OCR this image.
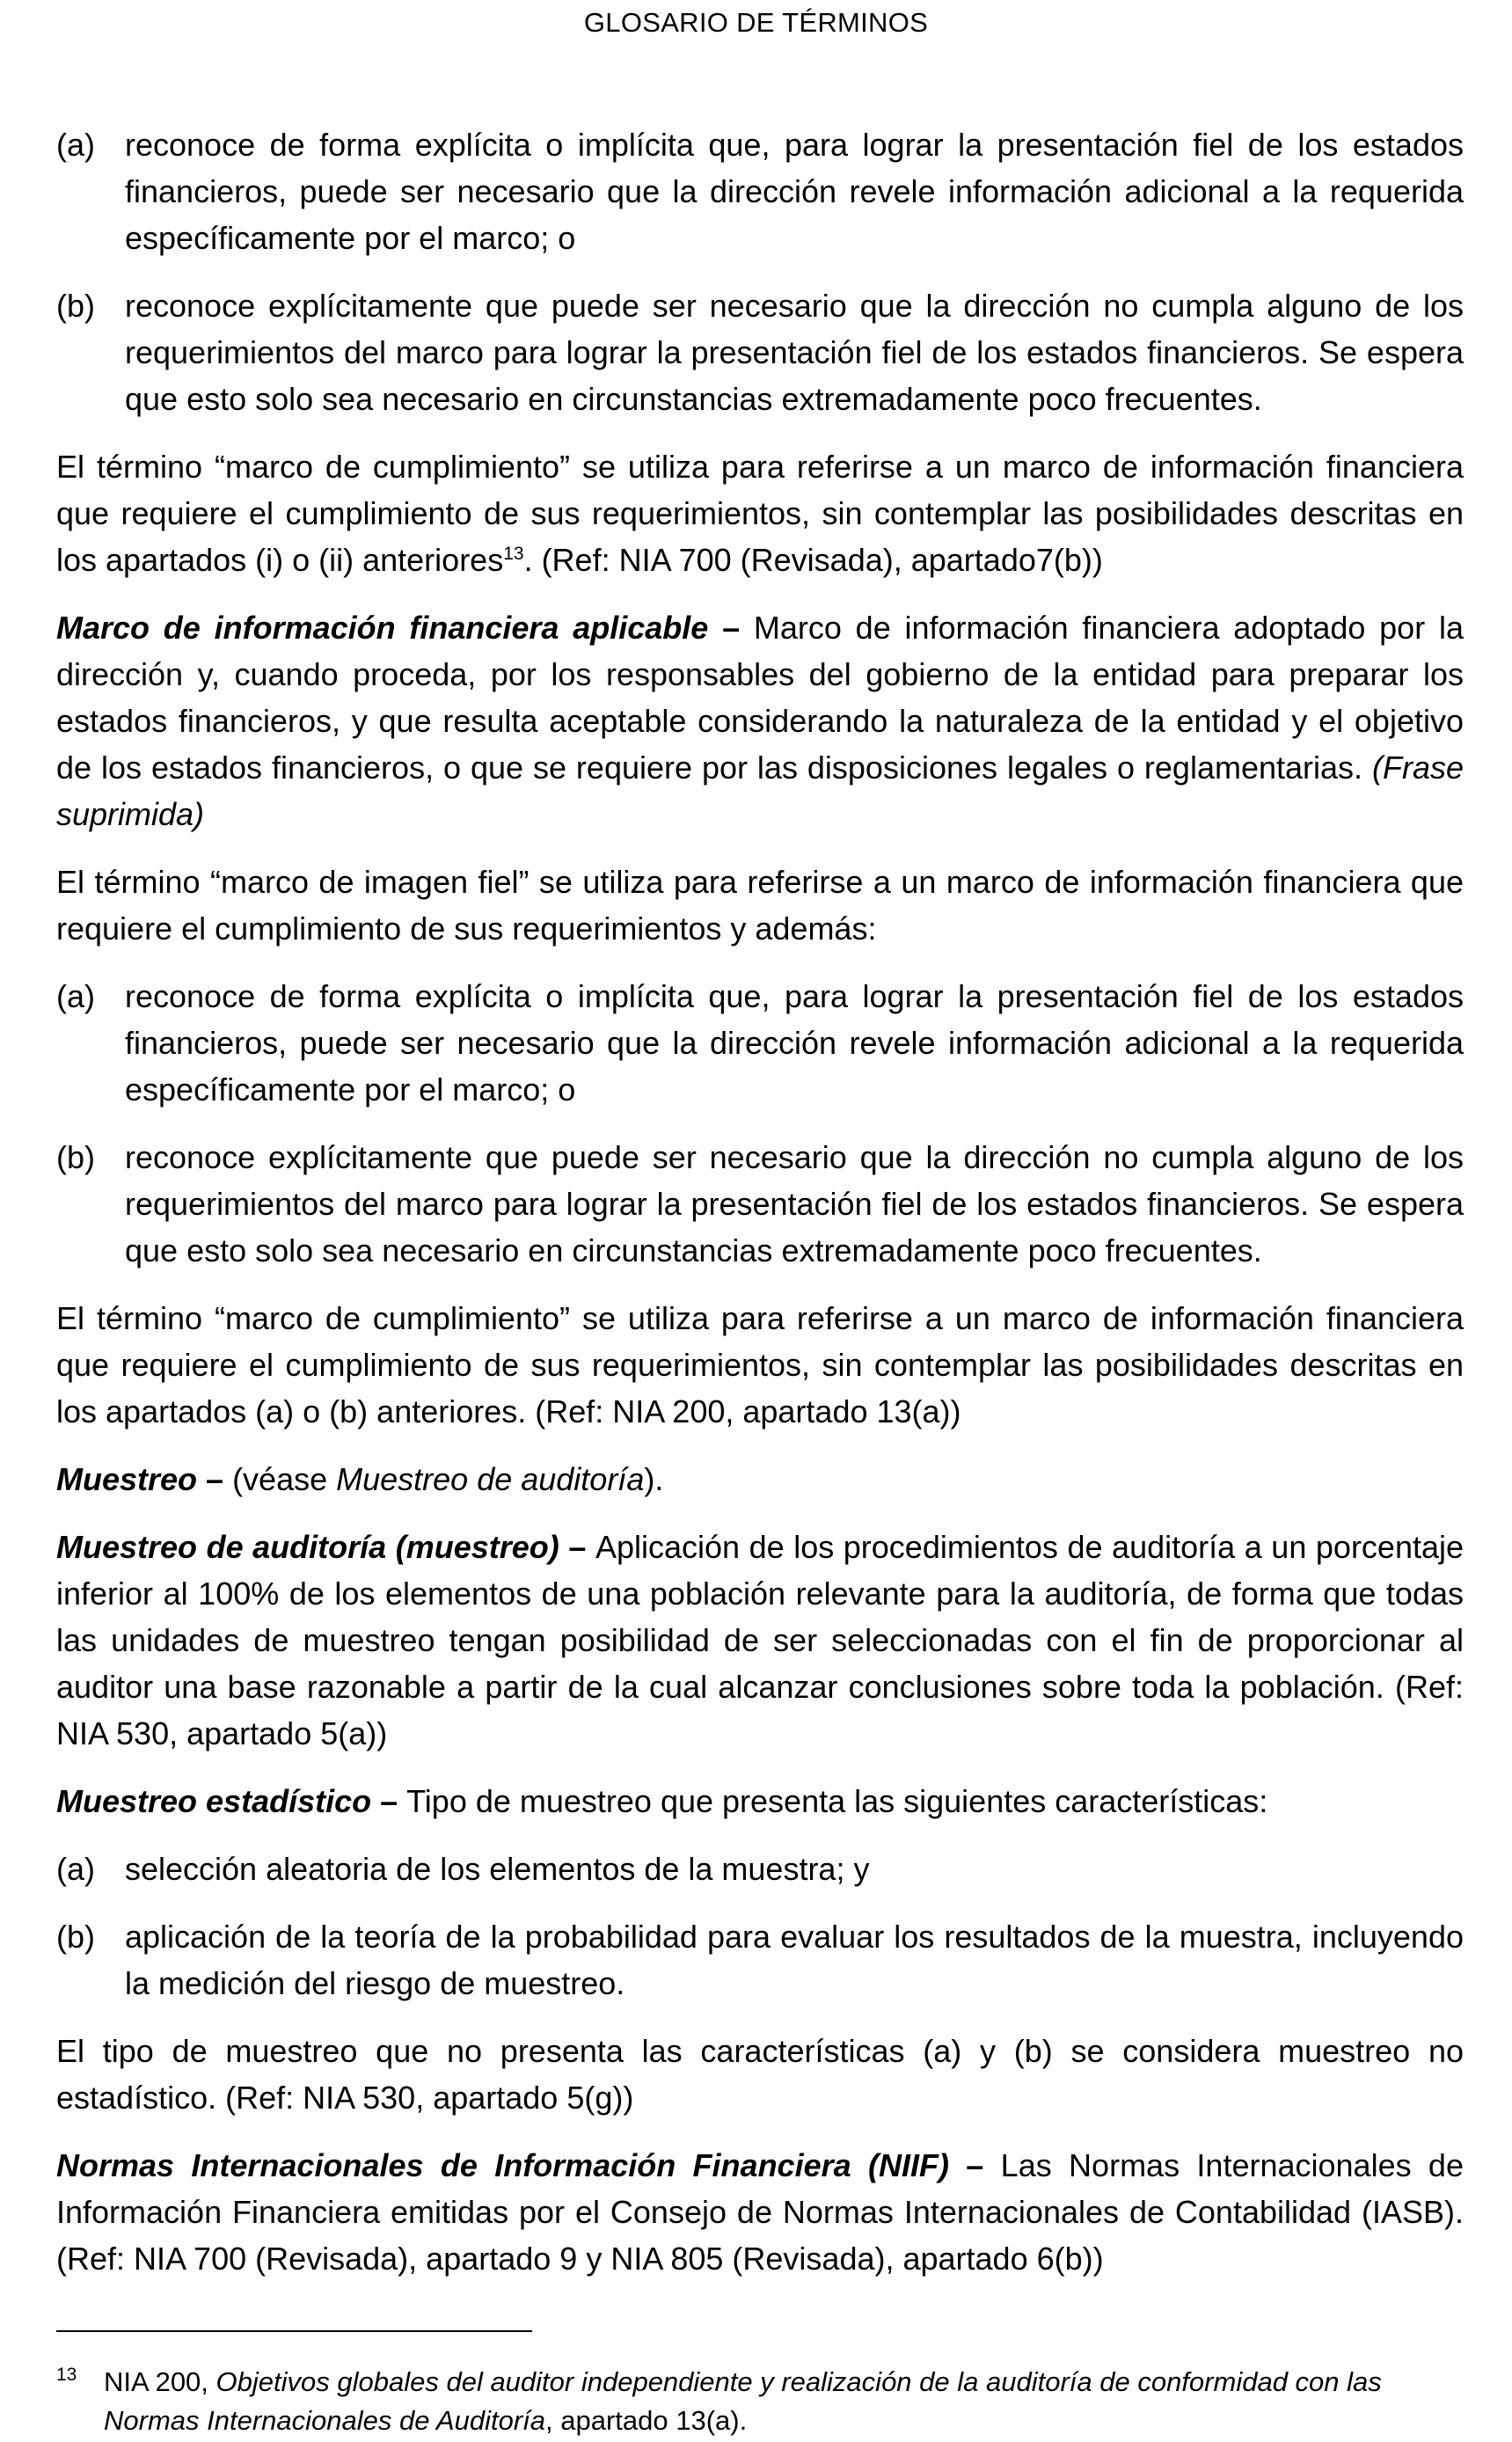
GLOSARIO DE TÉRMINOS
(a) reconoce de forma explícita o implícita que, para lograr la presentación fiel de los estados financieros, puede ser necesario que la dirección revele información adicional a la requerida específicamente por el marco; o
(b) reconoce explícitamente que puede ser necesario que la dirección no cumpla alguno de los requerimientos del marco para lograr la presentación fiel de los estados financieros. Se espera que esto solo sea necesario en circunstancias extremadamente poco frecuentes.

El término “marco de cumplimiento” se utiliza para referirse a un marco de información financiera que requiere el cumplimiento de sus requerimientos, sin contemplar las posibilidades descritas en los apartados (i) o (ii) anteriores$^{13}$. (Ref: NIA 700 (Revisada), apartado7(b))

Marco de información financiera aplicable – Marco de información financiera adoptado por la dirección y, cuando proceda, por los responsables del gobierno de la entidad para preparar los estados financieros, y que resulta aceptable considerando la naturaleza de la entidad y el objetivo de los estados financieros, o que se requiere por las disposiciones legales o reglamentarias. (Frase suprimida)

El término “marco de imagen fiel” se utiliza para referirse a un marco de información financiera que requiere el cumplimiento de sus requerimientos y además:

(a) reconoce de forma explícita o implícita que, para lograr la presentación fiel de los estados financieros, puede ser necesario que la dirección revele información adicional a la requerida específicamente por el marco; o
(b) reconoce explícitamente que puede ser necesario que la dirección no cumpla alguno de los requerimientos del marco para lograr la presentación fiel de los estados financieros. Se espera que esto solo sea necesario en circunstancias extremadamente poco frecuentes.

El término “marco de cumplimiento” se utiliza para referirse a un marco de información financiera que requiere el cumplimiento de sus requerimientos, sin contemplar las posibilidades descritas en los apartados (a) o (b) anteriores. (Ref: NIA 200, apartado 13(a))

Muestreo – (véase Muestreo de auditoría).

Muestreo de auditoría (muestreo) – Aplicación de los procedimientos de auditoría a un porcentaje inferior al 100% de los elementos de una población relevante para la auditoría, de forma que todas las unidades de muestreo tengan posibilidad de ser seleccionadas con el fin de proporcionar al auditor una base razonable a partir de la cual alcanzar conclusiones sobre toda la población. (Ref: NIA 530, apartado 5(a))

Muestreo estadístico – Tipo de muestreo que presenta las siguientes características:

(a) selección aleatoria de los elementos de la muestra; y
(b) aplicación de la teoría de la probabilidad para evaluar los resultados de la muestra, incluyendo la medición del riesgo de muestreo.

El tipo de muestreo que no presenta las características (a) y (b) se considera muestreo no estadístico. (Ref: NIA 530, apartado 5(g))

Normas Internacionales de Información Financiera (NIIF) – Las Normas Internacionales de Información Financiera emitidas por el Consejo de Normas Internacionales de Contabilidad (IASB). (Ref: NIA 700 (Revisada), apartado 9 y NIA 805 (Revisada), apartado 6(b))

13 NIA 200, Objetivos globales del auditor independiente y realización de la auditoría de conformidad con las Normas Internacionales de Auditoría, apartado 13(a).
